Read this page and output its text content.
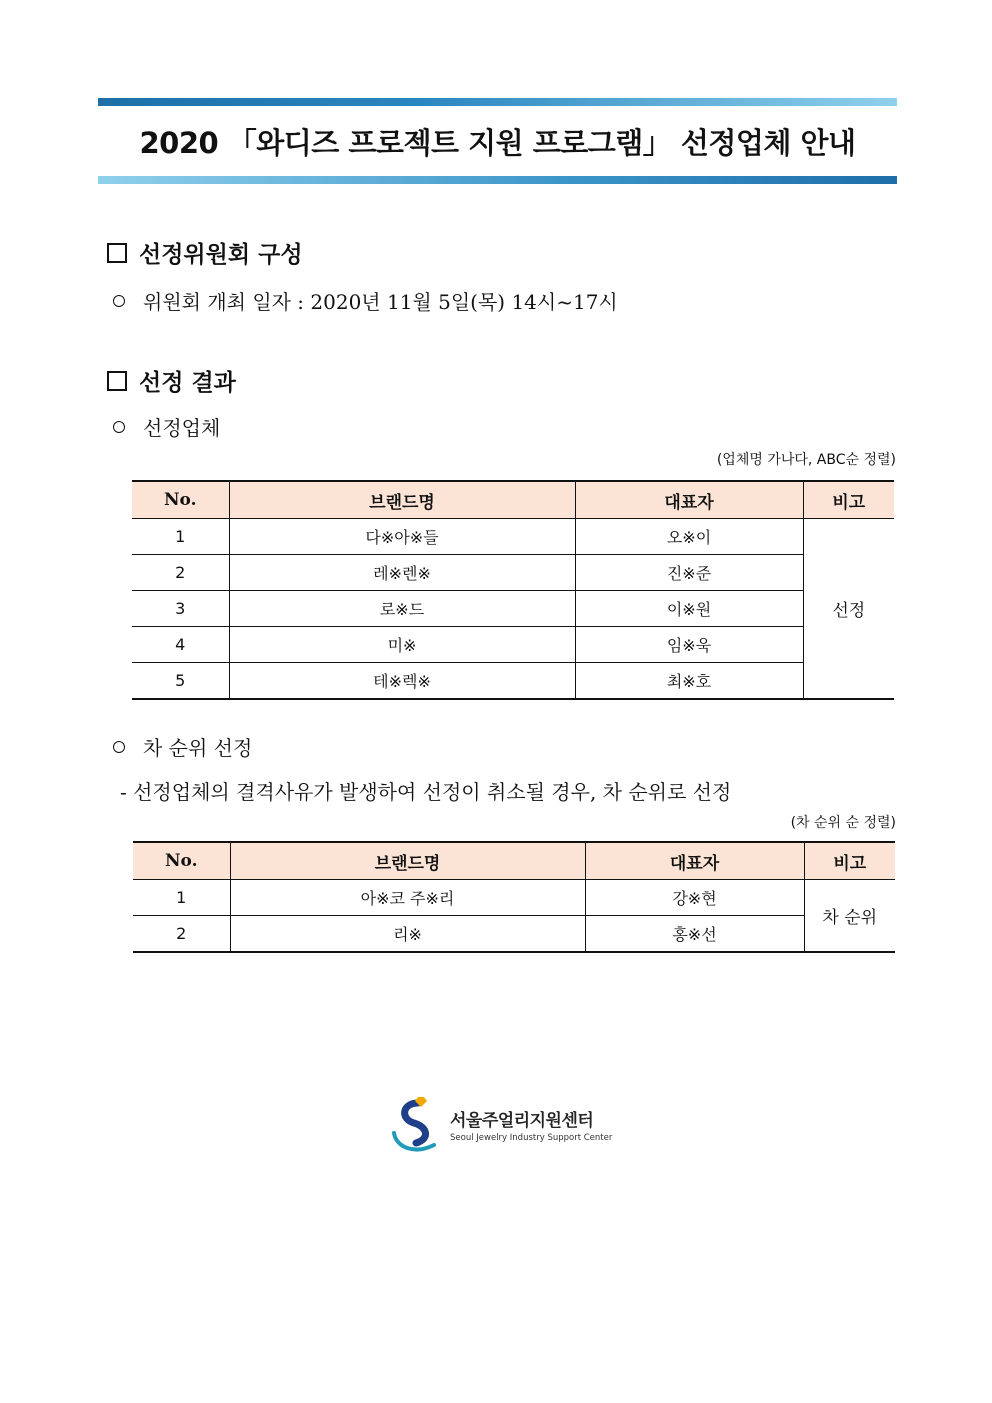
2020 「와디즈 프로젝트 지원 프로그램」 선정업체 안내
선정위원회 구성
위원회 개최 일자 : 2020년 11월 5일(목) 14시~17시
선정 결과
선정업체
(업체명 가나다, ABC순 정렬)
No.	브랜드명	대표자	비고
1	다※아※들	오※이	선정
2	레※렌※	진※준	
3	로※드	이※원	
4	미※	임※욱	
5	테※렉※	최※호	
차 순위 선정
- 선정업체의 결격사유가 발생하여 선정이 취소될 경우, 차 순위로 선정
(차 순위 순 정렬)
No.	브랜드명	대표자	비고
1	아※코 주※리	강※현	차 순위
2	리※	홍※선	
서울주얼리지원센터
Seoul Jewelry Industry Support Center
